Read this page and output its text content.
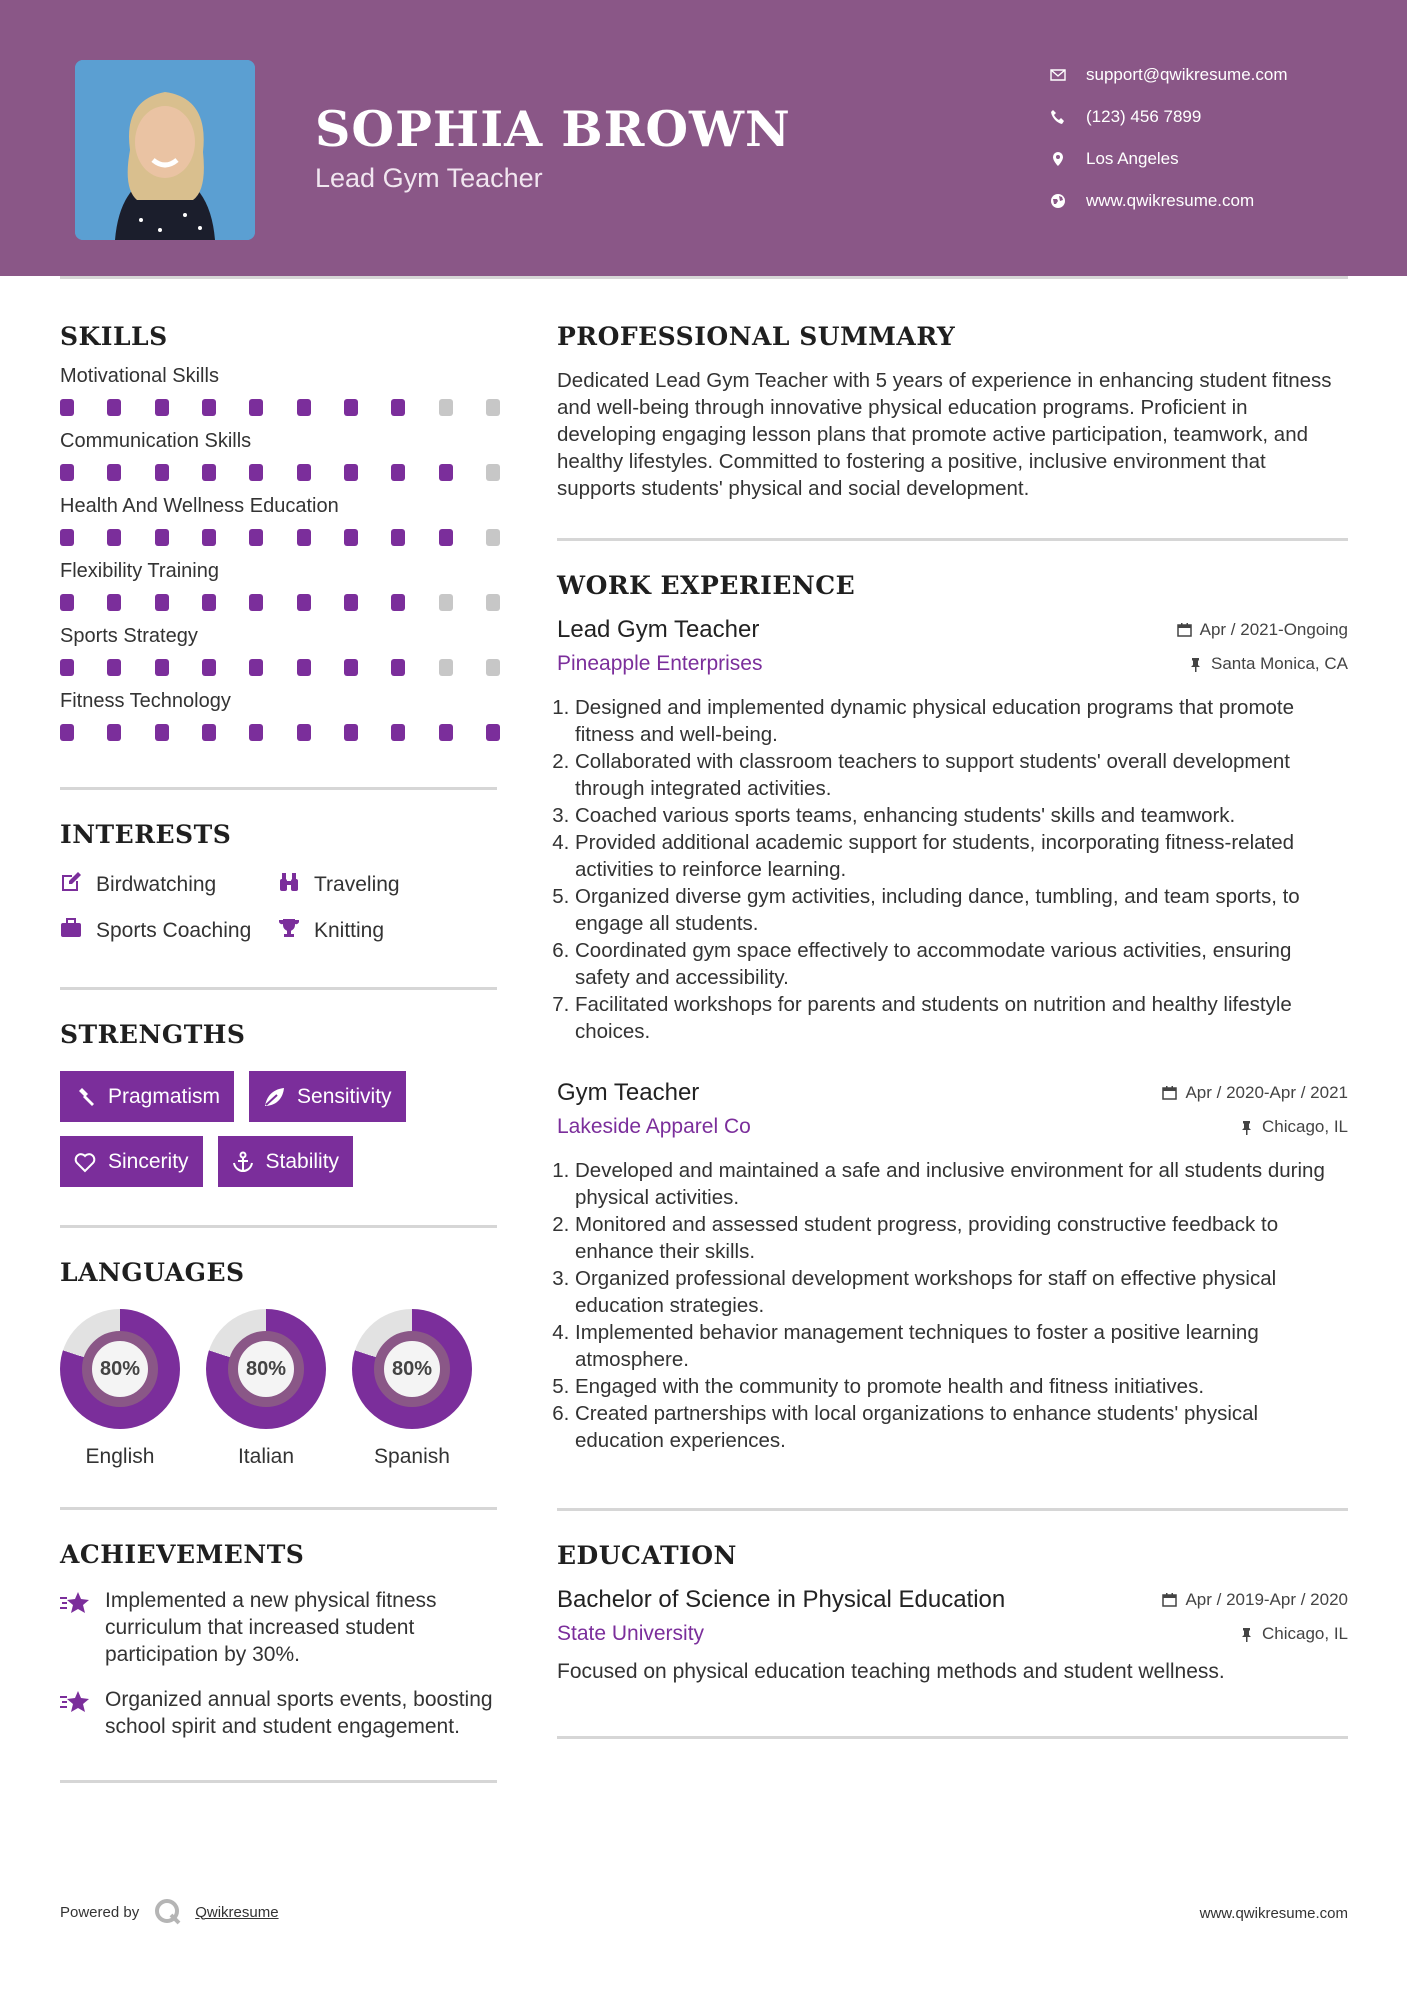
SOPHIA BROWN
Lead Gym Teacher
support@qwikresume.com
(123) 456 7899
Los Angeles
www.qwikresume.com
SKILLS
Motivational Skills
Communication Skills
Health And Wellness Education
Flexibility Training
Sports Strategy
Fitness Technology
INTERESTS
Birdwatching	Traveling
Sports Coaching	Knitting
STRENGTHS
Pragmatism	Sensitivity
Sincerity	Stability
LANGUAGES
80%
English
80%
Italian
80%
Spanish
ACHIEVEMENTS
Implemented a new physical fitness curriculum that increased student participation by 30%.
Organized annual sports events, boosting school spirit and student engagement.
PROFESSIONAL SUMMARY
Dedicated Lead Gym Teacher with 5 years of experience in enhancing student fitness and well-being through innovative physical education programs. Proficient in developing engaging lesson plans that promote active participation, teamwork, and healthy lifestyles. Committed to fostering a positive, inclusive environment that supports students' physical and social development.
WORK EXPERIENCE
Lead Gym Teacher	Apr / 2021-Ongoing
Pineapple Enterprises	Santa Monica, CA
1. Designed and implemented dynamic physical education programs that promote fitness and well-being.
2. Collaborated with classroom teachers to support students' overall development through integrated activities.
3. Coached various sports teams, enhancing students' skills and teamwork.
4. Provided additional academic support for students, incorporating fitness-related activities to reinforce learning.
5. Organized diverse gym activities, including dance, tumbling, and team sports, to engage all students.
6. Coordinated gym space effectively to accommodate various activities, ensuring safety and accessibility.
7. Facilitated workshops for parents and students on nutrition and healthy lifestyle choices.
Gym Teacher	Apr / 2020-Apr / 2021
Lakeside Apparel Co	Chicago, IL
1. Developed and maintained a safe and inclusive environment for all students during physical activities.
2. Monitored and assessed student progress, providing constructive feedback to enhance their skills.
3. Organized professional development workshops for staff on effective physical education strategies.
4. Implemented behavior management techniques to foster a positive learning atmosphere.
5. Engaged with the community to promote health and fitness initiatives.
6. Created partnerships with local organizations to enhance students' physical education experiences.
EDUCATION
Bachelor of Science in Physical Education	Apr / 2019-Apr / 2020
State University	Chicago, IL
Focused on physical education teaching methods and student wellness.
Powered by	Qwikresume	www.qwikresume.com
